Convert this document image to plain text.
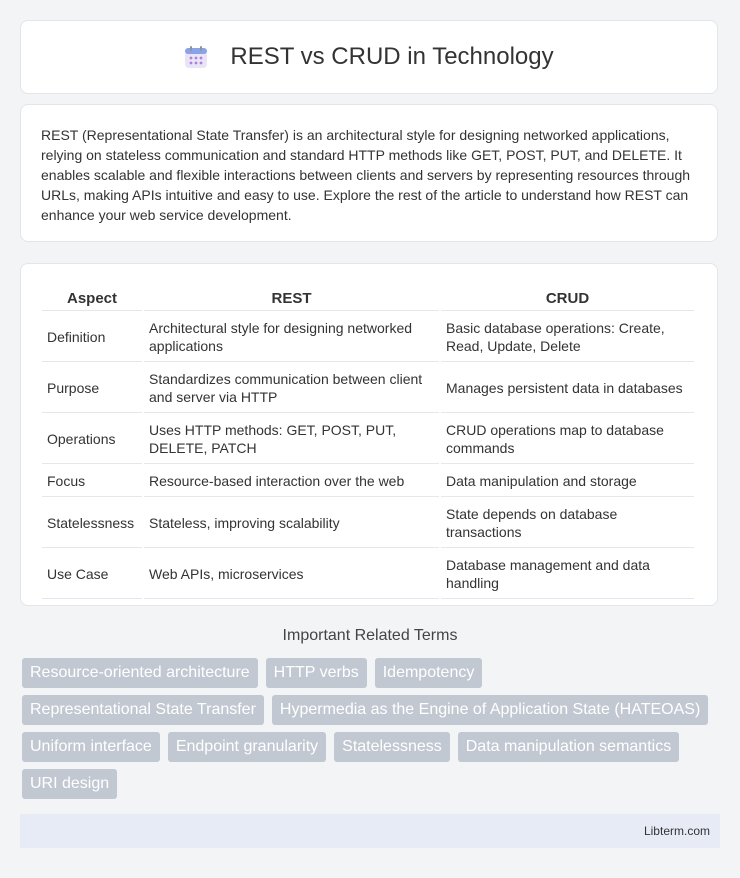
REST vs CRUD in Technology

REST (Representational State Transfer) is an architectural style for designing networked applications, relying on stateless communication and standard HTTP methods like GET, POST, PUT, and DELETE. It enables scalable and flexible interactions between clients and servers by representing resources through URLs, making APIs intuitive and easy to use. Explore the rest of the article to understand how REST can enhance your web service development.

Aspect	REST	CRUD
Definition	Architectural style for designing networked applications	Basic database operations: Create, Read, Update, Delete
Purpose	Standardizes communication between client and server via HTTP	Manages persistent data in databases
Operations	Uses HTTP methods: GET, POST, PUT, DELETE, PATCH	CRUD operations map to database commands
Focus	Resource-based interaction over the web	Data manipulation and storage
Statelessness	Stateless, improving scalability	State depends on database transactions
Use Case	Web APIs, microservices	Database management and data handling
Important Related Terms
Resource-oriented architecture	HTTP verbs	Idempotency
Representational State Transfer	Hypermedia as the Engine of Application State (HATEOAS)
Uniform interface	Endpoint granularity	Statelessness	Data manipulation semantics
URI design
Libterm.com
